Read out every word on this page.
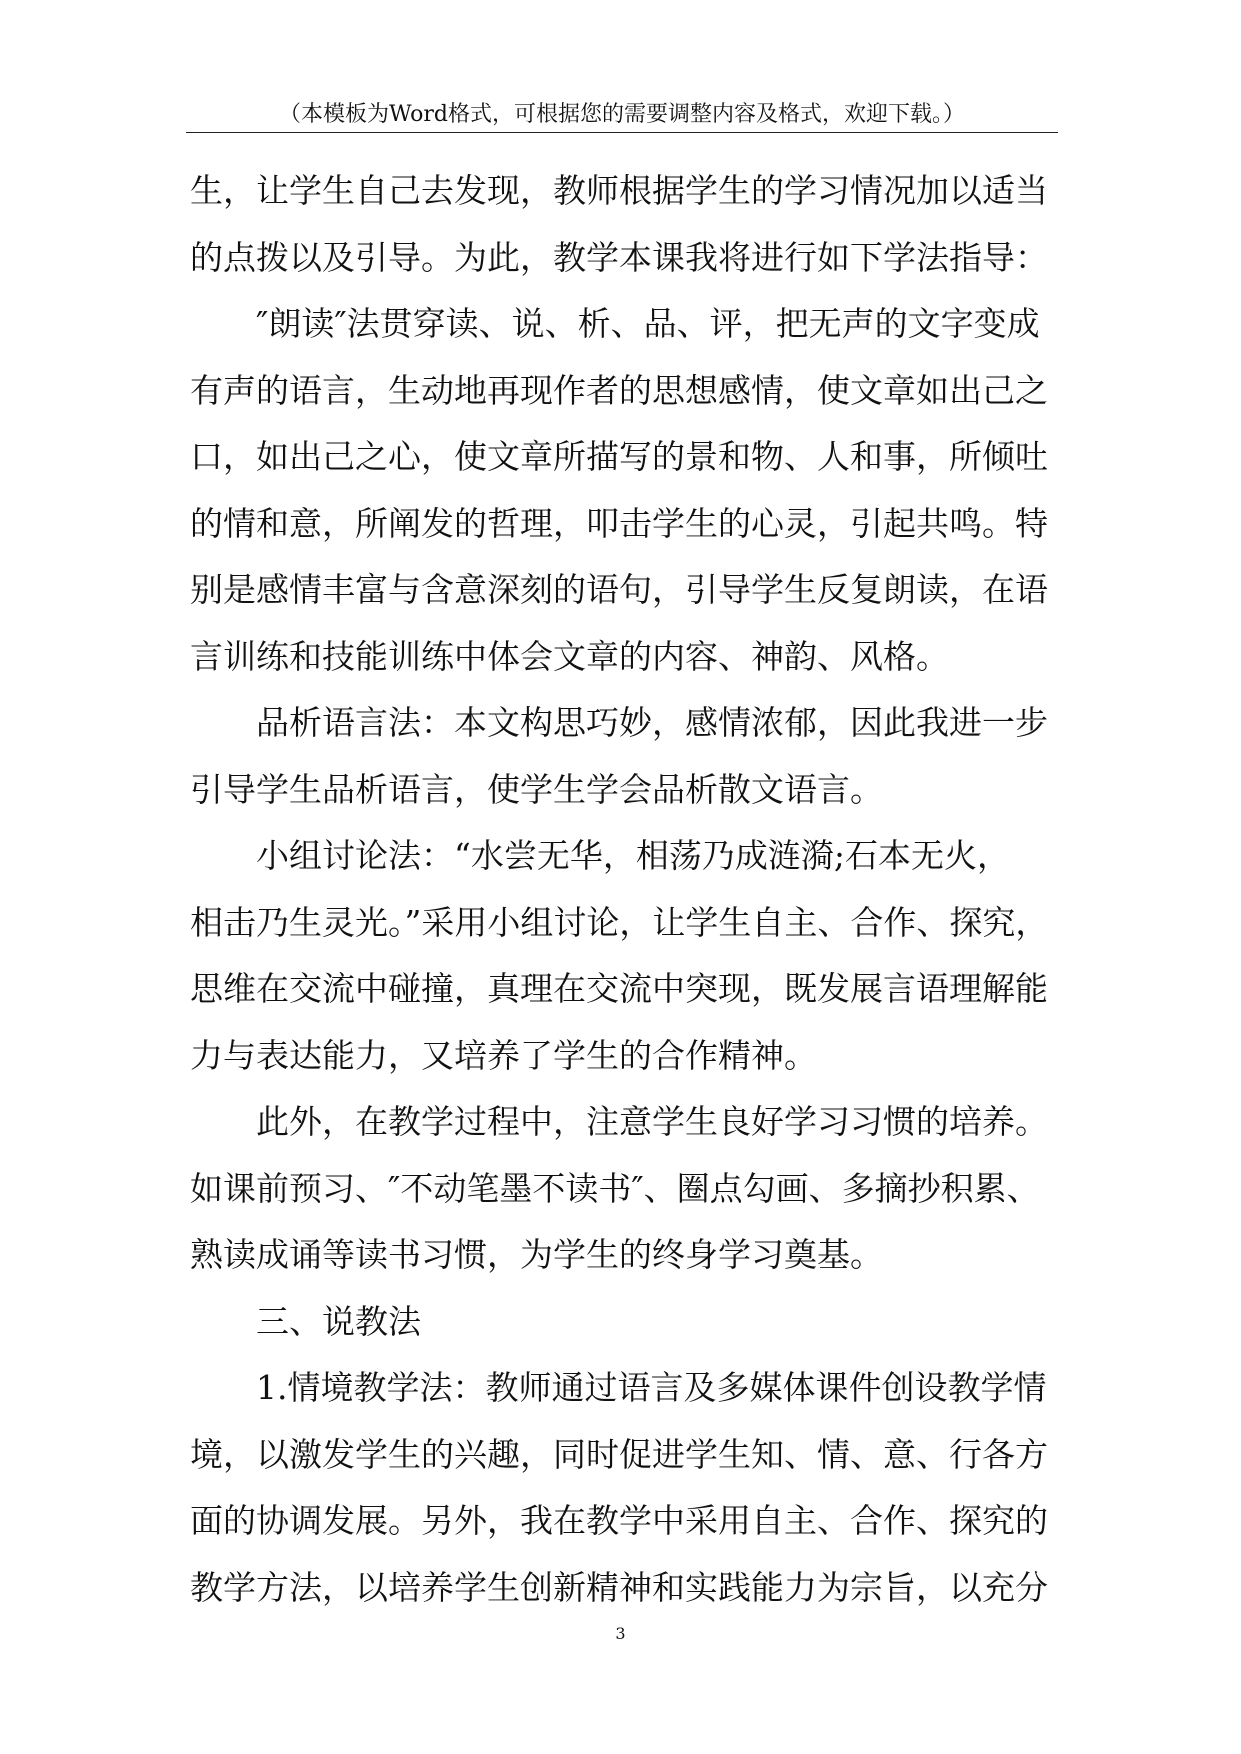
（本模板为Word格式，可根据您的需要调整内容及格式，欢迎下载。）
生，让学生自己去发现，教师根据学生的学习情况加以适当
的点拨以及引导。为此，教学本课我将进行如下学法指导：
″朗读″法贯穿读、说、析、品、评，把无声的文字变成
有声的语言，生动地再现作者的思想感情，使文章如出己之
口，如出己之心，使文章所描写的景和物、人和事，所倾吐
的情和意，所阐发的哲理，叩击学生的心灵，引起共鸣。特
别是感情丰富与含意深刻的语句，引导学生反复朗读，在语
言训练和技能训练中体会文章的内容、神韵、风格。
品析语言法：本文构思巧妙，感情浓郁，因此我进一步
引导学生品析语言，使学生学会品析散文语言。
小组讨论法：“水尝无华，相荡乃成涟漪;石本无火，
相击乃生灵光。”采用小组讨论，让学生自主、合作、探究，
思维在交流中碰撞，真理在交流中突现，既发展言语理解能
力与表达能力，又培养了学生的合作精神。
此外，在教学过程中，注意学生良好学习习惯的培养。
如课前预习、″不动笔墨不读书″、圈点勾画、多摘抄积累、
熟读成诵等读书习惯，为学生的终身学习奠基。
三、说教法
1.情境教学法：教师通过语言及多媒体课件创设教学情
境，以激发学生的兴趣，同时促进学生知、情、意、行各方
面的协调发展。另外，我在教学中采用自主、合作、探究的
教学方法，以培养学生创新精神和实践能力为宗旨，以充分
3
